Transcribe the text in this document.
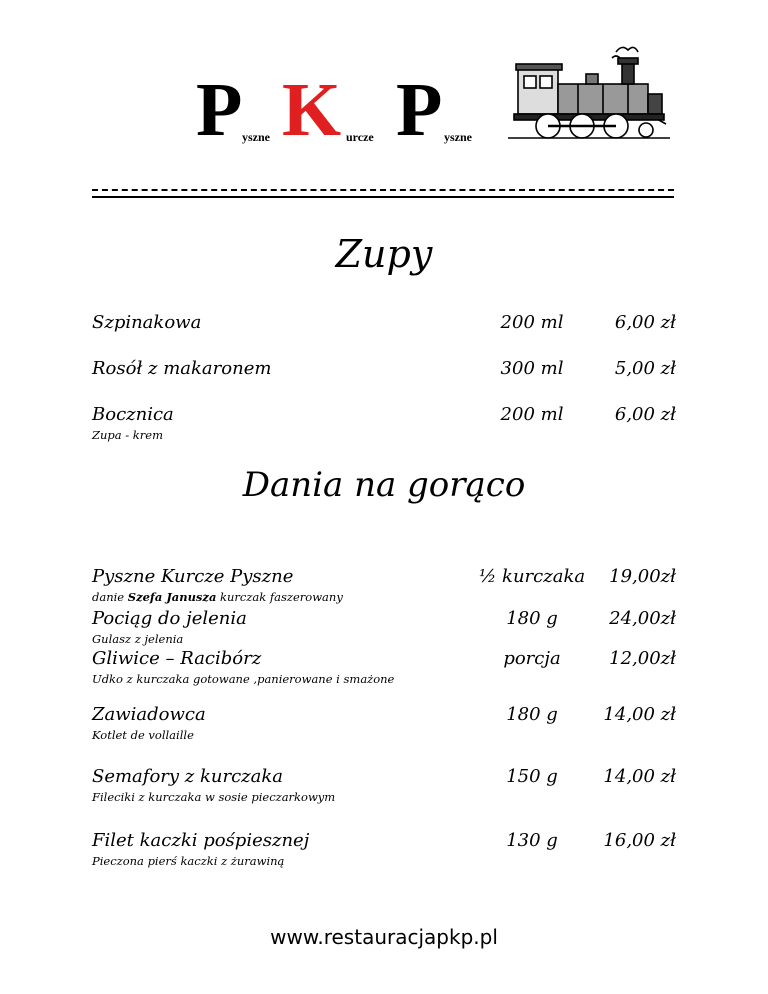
P yszne K urcze P yszne
Zupy
Szpinakowa	200 ml	6,00 zł
Rosół z makaronem	300 ml	5,00 zł
Bocznica	200 ml	6,00 zł
Zupa - krem
Dania na gorąco
Pyszne Kurcze Pyszne	½ kurczaka	19,00zł
danie Szefa Janusza kurczak faszerowany
Pociąg do jelenia	180 g	24,00zł
Gulasz z jelenia
Gliwice – Racibórz	porcja	12,00zł
Udko z kurczaka gotowane ,panierowane i smażone
Zawiadowca	180 g	14,00 zł
Kotlet de vollaille
Semafory z kurczaka	150 g	14,00 zł
Fileciki z kurczaka w sosie pieczarkowym
Filet kaczki pośpiesznej	130 g	16,00 zł
Pieczona pierś kaczki z żurawiną
www.restauracjapkp.pl
